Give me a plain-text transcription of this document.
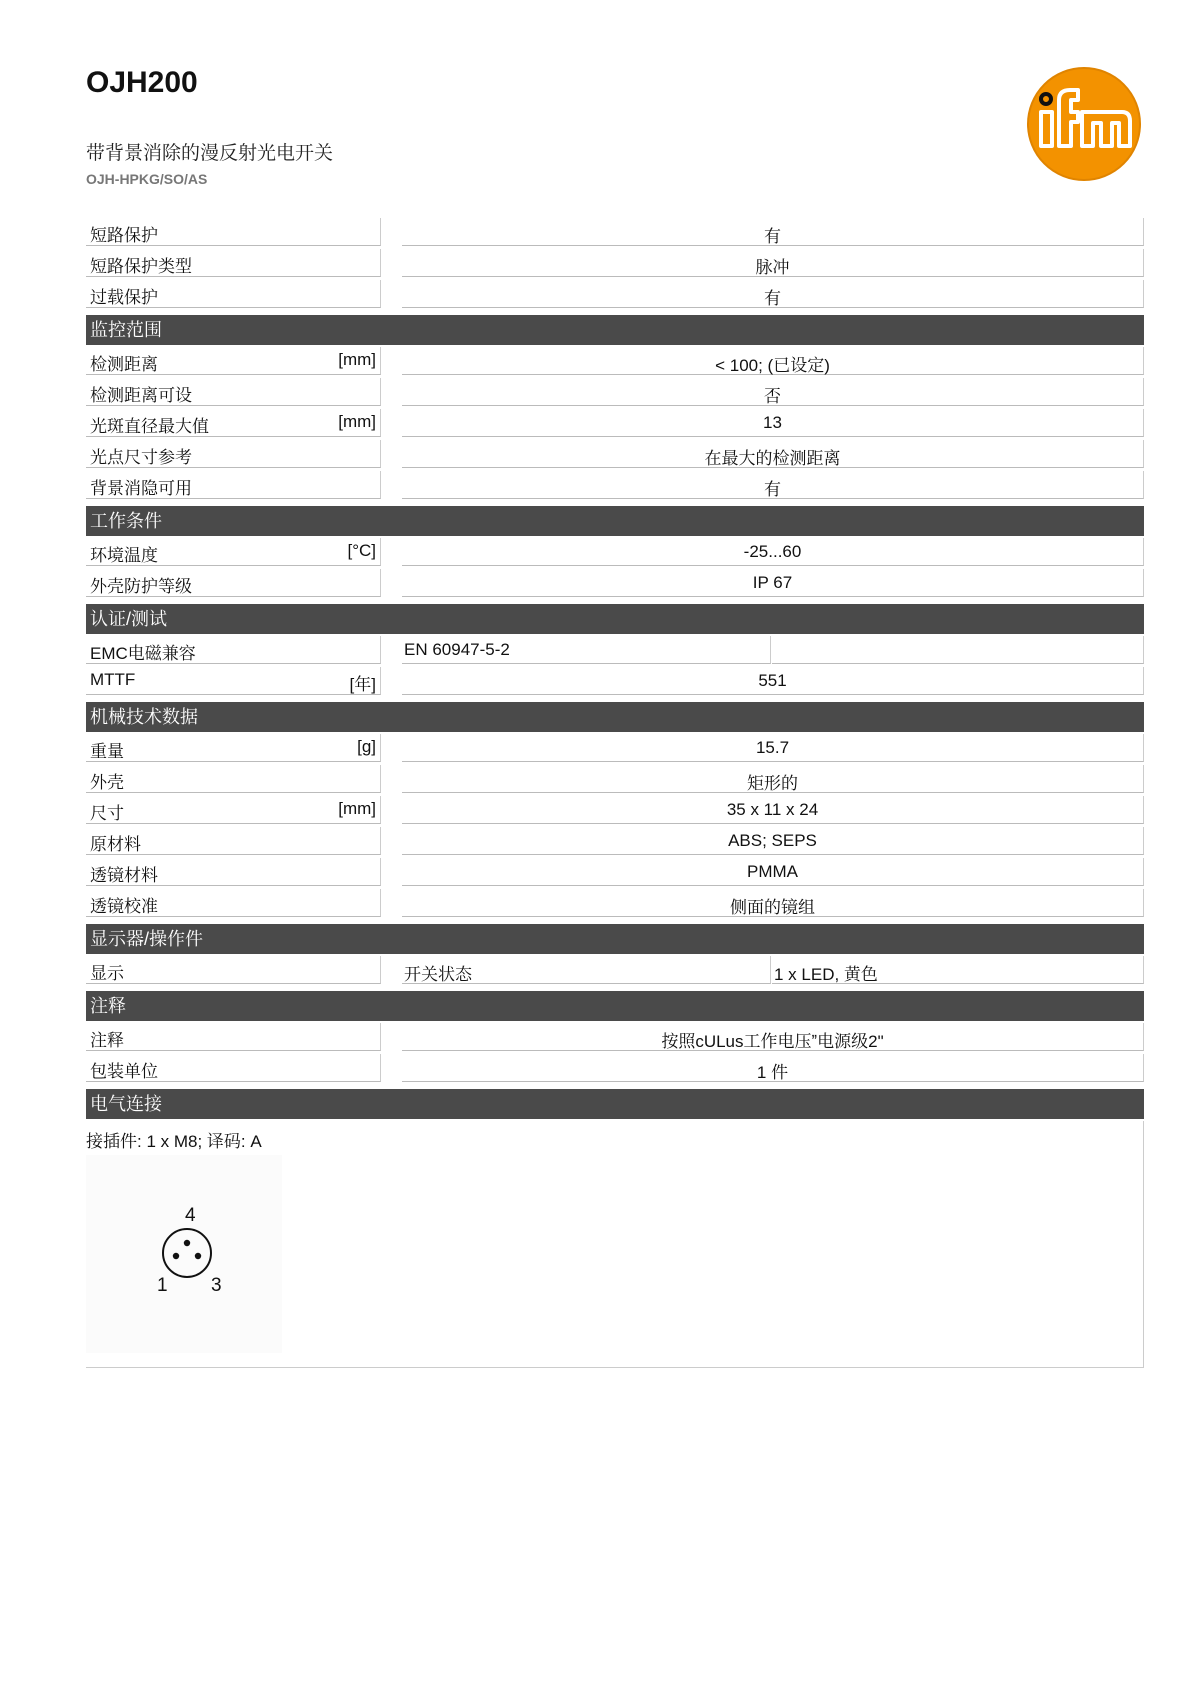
OJH200
带背景消除的漫反射光电开关
OJH-HPKG/SO/AS
短路保护	有
短路保护类型	脉冲
过载保护	有
监控范围
检测距离	[mm]	< 100; (已设定)
检测距离可设	否
光斑直径最大值	[mm]	13
光点尺寸参考	在最大的检测距离
背景消隐可用	有
工作条件
环境温度	[°C]	-25...60
外壳防护等级	IP 67
认证/测试
EMC电磁兼容	EN 60947-5-2
MTTF	[年]	551
机械技术数据
重量	[g]	15.7
外壳	矩形的
尺寸	[mm]	35 x 11 x 24
原材料	ABS; SEPS
透镜材料	PMMA
透镜校准	侧面的镜组
显示器/操作件
显示	开关状态	1 x LED, 黄色
注释
注释	按照cULus工作电压ˮ电源级2"
包装单位	1 件
电气连接
接插件: 1 x M8; 译码: A
4
1 3
